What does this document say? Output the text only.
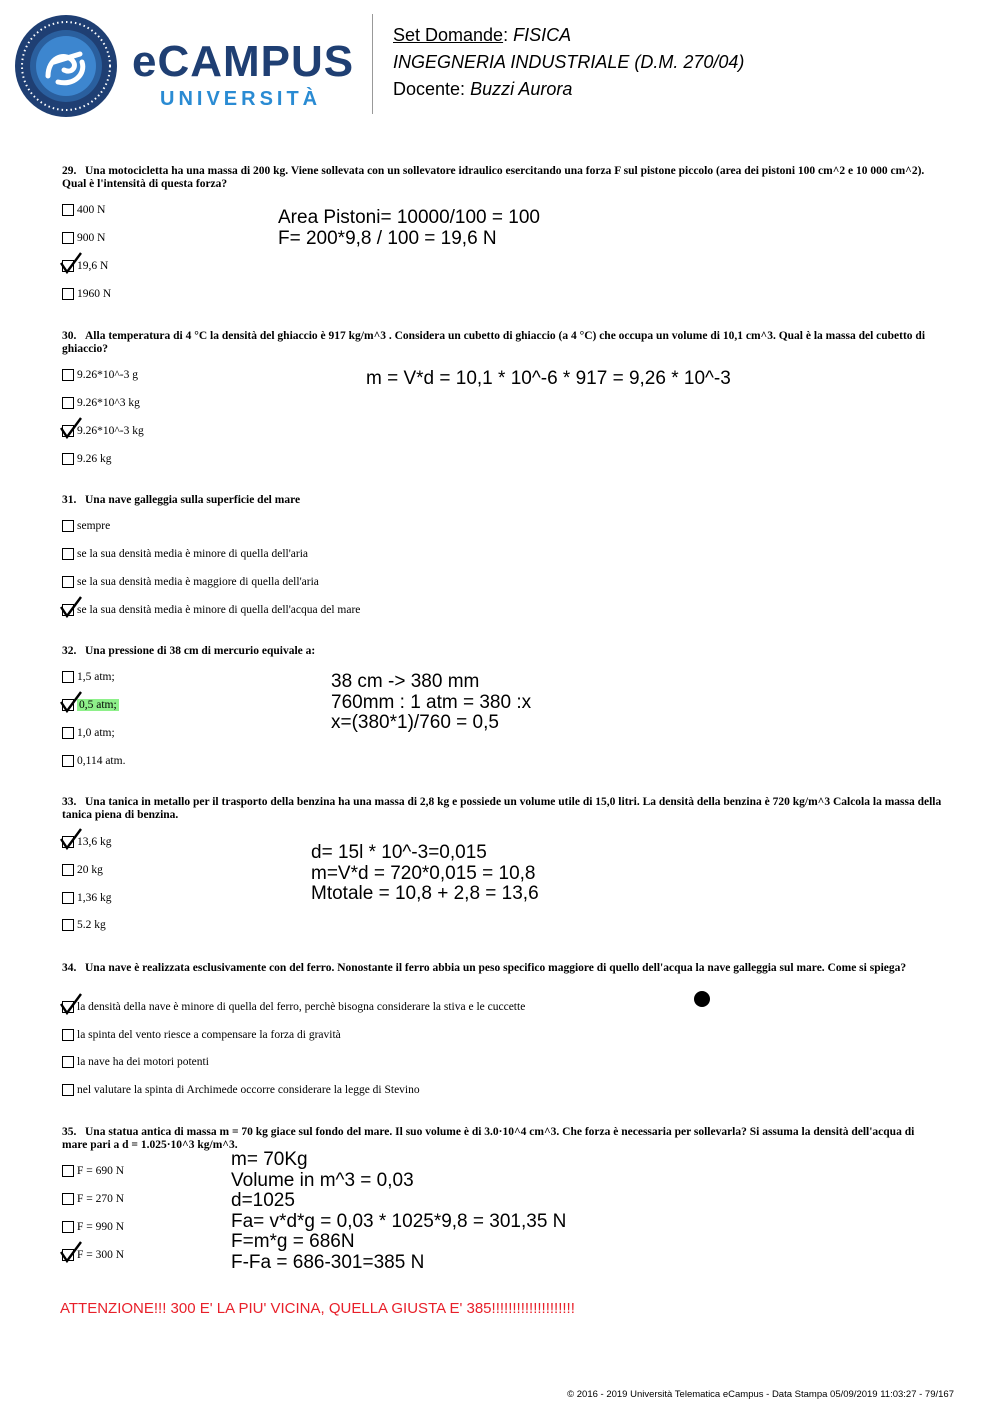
eCAMPUS
UNIVERSITÀ
Set Domande: FISICA
INGEGNERIA INDUSTRIALE (D.M. 270/04)
Docente: Buzzi Aurora
29. Una motocicletta ha una massa di 200 kg. Viene sollevata con un sollevatore idraulico esercitando una forza F sul pistone piccolo (area dei pistoni 100 cm^2 e 10 000 cm^2). Qual è l'intensità di questa forza?
400 N
900 N
19,6 N
1960 N
Area Pistoni= 10000/100 = 100
F= 200*9,8 / 100 = 19,6 N
30. Alla temperatura di 4 °C la densità del ghiaccio è 917 kg/m^3 . Considera un cubetto di ghiaccio (a 4 °C) che occupa un volume di 10,1 cm^3. Qual è la massa del cubetto di ghiaccio?
9.26*10^-3 g
9.26*10^3 kg
9.26*10^-3 kg
9.26 kg
m = V*d = 10,1 * 10^-6 * 917 = 9,26 * 10^-3
31. Una nave galleggia sulla superficie del mare
sempre
se la sua densità media è minore di quella dell'aria
se la sua densità media è maggiore di quella dell'aria
se la sua densità media è minore di quella dell'acqua del mare
32. Una pressione di 38 cm di mercurio equivale a:
1,5 atm;
0,5 atm;
1,0 atm;
0,114 atm.
38 cm -> 380 mm
760mm : 1 atm = 380 :x
x=(380*1)/760 = 0,5
33. Una tanica in metallo per il trasporto della benzina ha una massa di 2,8 kg e possiede un volume utile di 15,0 litri. La densità della benzina è 720 kg/m^3 Calcola la massa della tanica piena di benzina.
13,6 kg
20 kg
1,36 kg
5.2 kg
d= 15l * 10^-3=0,015
m=V*d = 720*0,015 = 10,8
Mtotale = 10,8 + 2,8 = 13,6
34. Una nave è realizzata esclusivamente con del ferro. Nonostante il ferro abbia un peso specifico maggiore di quello dell'acqua la nave galleggia sul mare. Come si spiega?
la densità della nave è minore di quella del ferro, perchè bisogna considerare la stiva e le cuccette
la spinta del vento riesce a compensare la forza di gravità
la nave ha dei motori potenti
nel valutare la spinta di Archimede occorre considerare la legge di Stevino
35. Una statua antica di massa m = 70 kg giace sul fondo del mare. Il suo volume è di 3.0·10^4 cm^3. Che forza è necessaria per sollevarla? Si assuma la densità dell'acqua di mare pari a d = 1.025·10^3 kg/m^3.
F = 690 N
F = 270 N
F = 990 N
F = 300 N
m= 70Kg
Volume in m^3 = 0,03
d=1025
Fa= v*d*g = 0,03 * 1025*9,8 = 301,35 N
F=m*g = 686N
F-Fa = 686-301=385 N
ATTENZIONE!!! 300 E' LA PIU' VICINA, QUELLA GIUSTA E' 385!!!!!!!!!!!!!!!!!!!!
© 2016 - 2019 Università Telematica eCampus - Data Stampa 05/09/2019 11:03:27 - 79/167
